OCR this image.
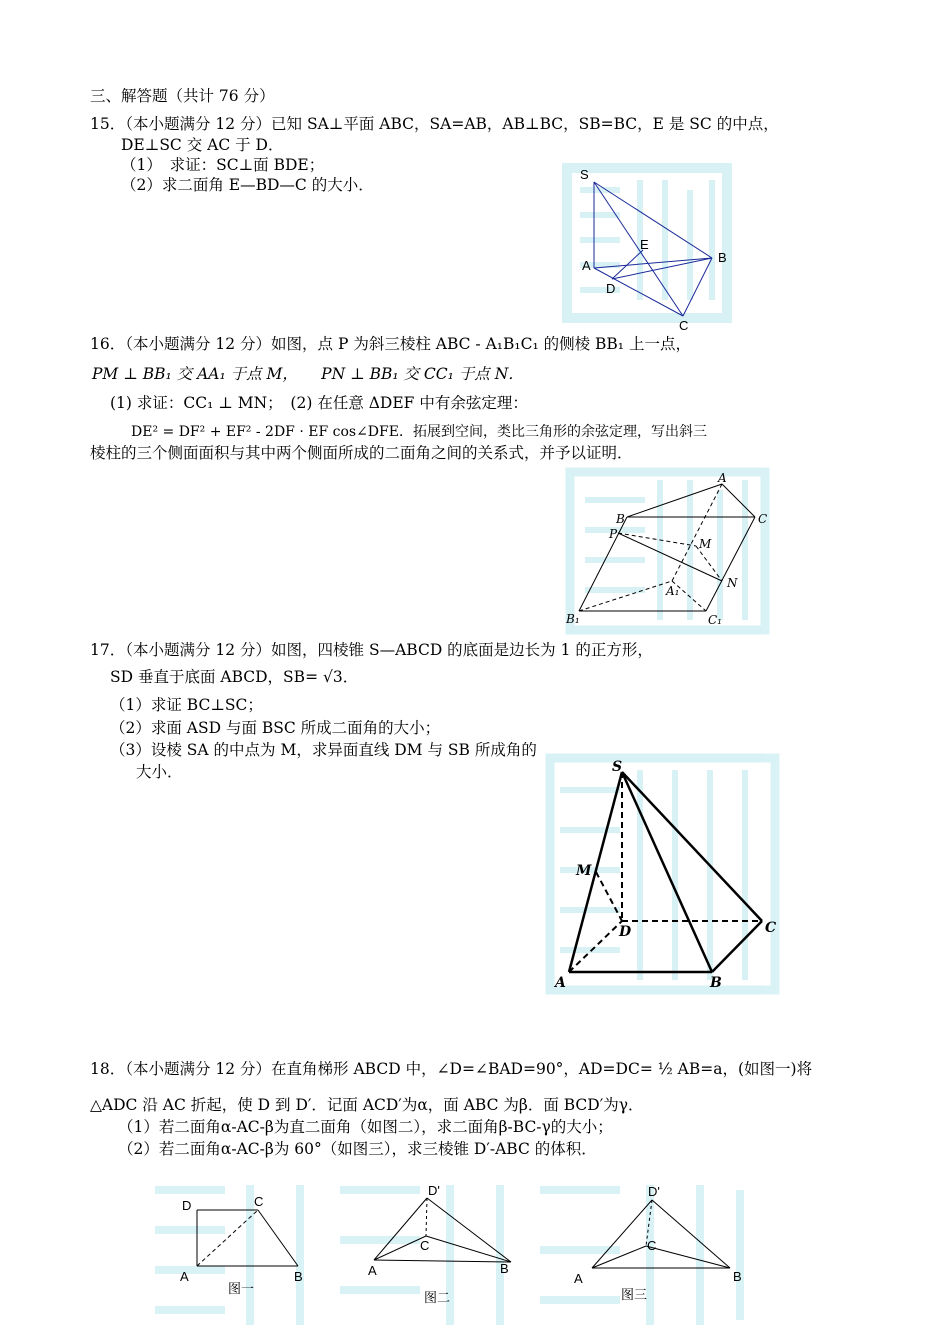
三、解答题（共计 76 分）
15．（本小题满分 12 分）已知 SA⊥平面 ABC，SA=AB，AB⊥BC，SB=BC，E 是 SC 的中点，
DE⊥SC 交 AC 于 D．
（1）　求证：SC⊥面 BDE；
（2）求二面角 E—BD—C 的大小．
S
E
A
B
D
C
16．（本小题满分 12 分）如图，点 P 为斜三棱柱 ABC - A₁B₁C₁ 的侧棱 BB₁ 上一点，
PM ⊥ BB₁ 交 AA₁ 于点 M，　　PN ⊥ BB₁ 交 CC₁ 于点 N．
(1) 求证：CC₁ ⊥ MN；　(2) 在任意 ΔDEF 中有余弦定理：
DE² = DF² + EF² - 2DF · EF cos∠DFE．拓展到空间，类比三角形的余弦定理，写出斜三
棱柱的三个侧面面积与其中两个侧面所成的二面角之间的关系式，并予以证明．
A
B	C
P
M
N
A₁
B₁	C₁
17．（本小题满分 12 分）如图，四棱锥 S—ABCD 的底面是边长为 1 的正方形，
SD 垂直于底面 ABCD，SB= √3．
（1）求证 BC⊥SC；
（2）求面 ASD 与面 BSC 所成二面角的大小；
（3）设棱 SA 的中点为 M，求异面直线 DM 与 SB 所成角的
大小．	S
M
D	C
A	B
18．（本小题满分 12 分）在直角梯形 ABCD 中，∠D=∠BAD=90°，AD=DC= ½ AB=a，(如图一)将
△ADC 沿 AC 折起，使 D 到 D′．记面 ACD′为α，面 ABC 为β．面 BCD′为γ．
（1）若二面角α-AC-β为直二面角（如图二），求二面角β-BC-γ的大小；
（2）若二面角α-AC-β为 60°（如图三），求三棱锥 D′-ABC 的体积．
D	C
A	B
图一
D'
C
A	B
图二
D'
C
A	B
图三
